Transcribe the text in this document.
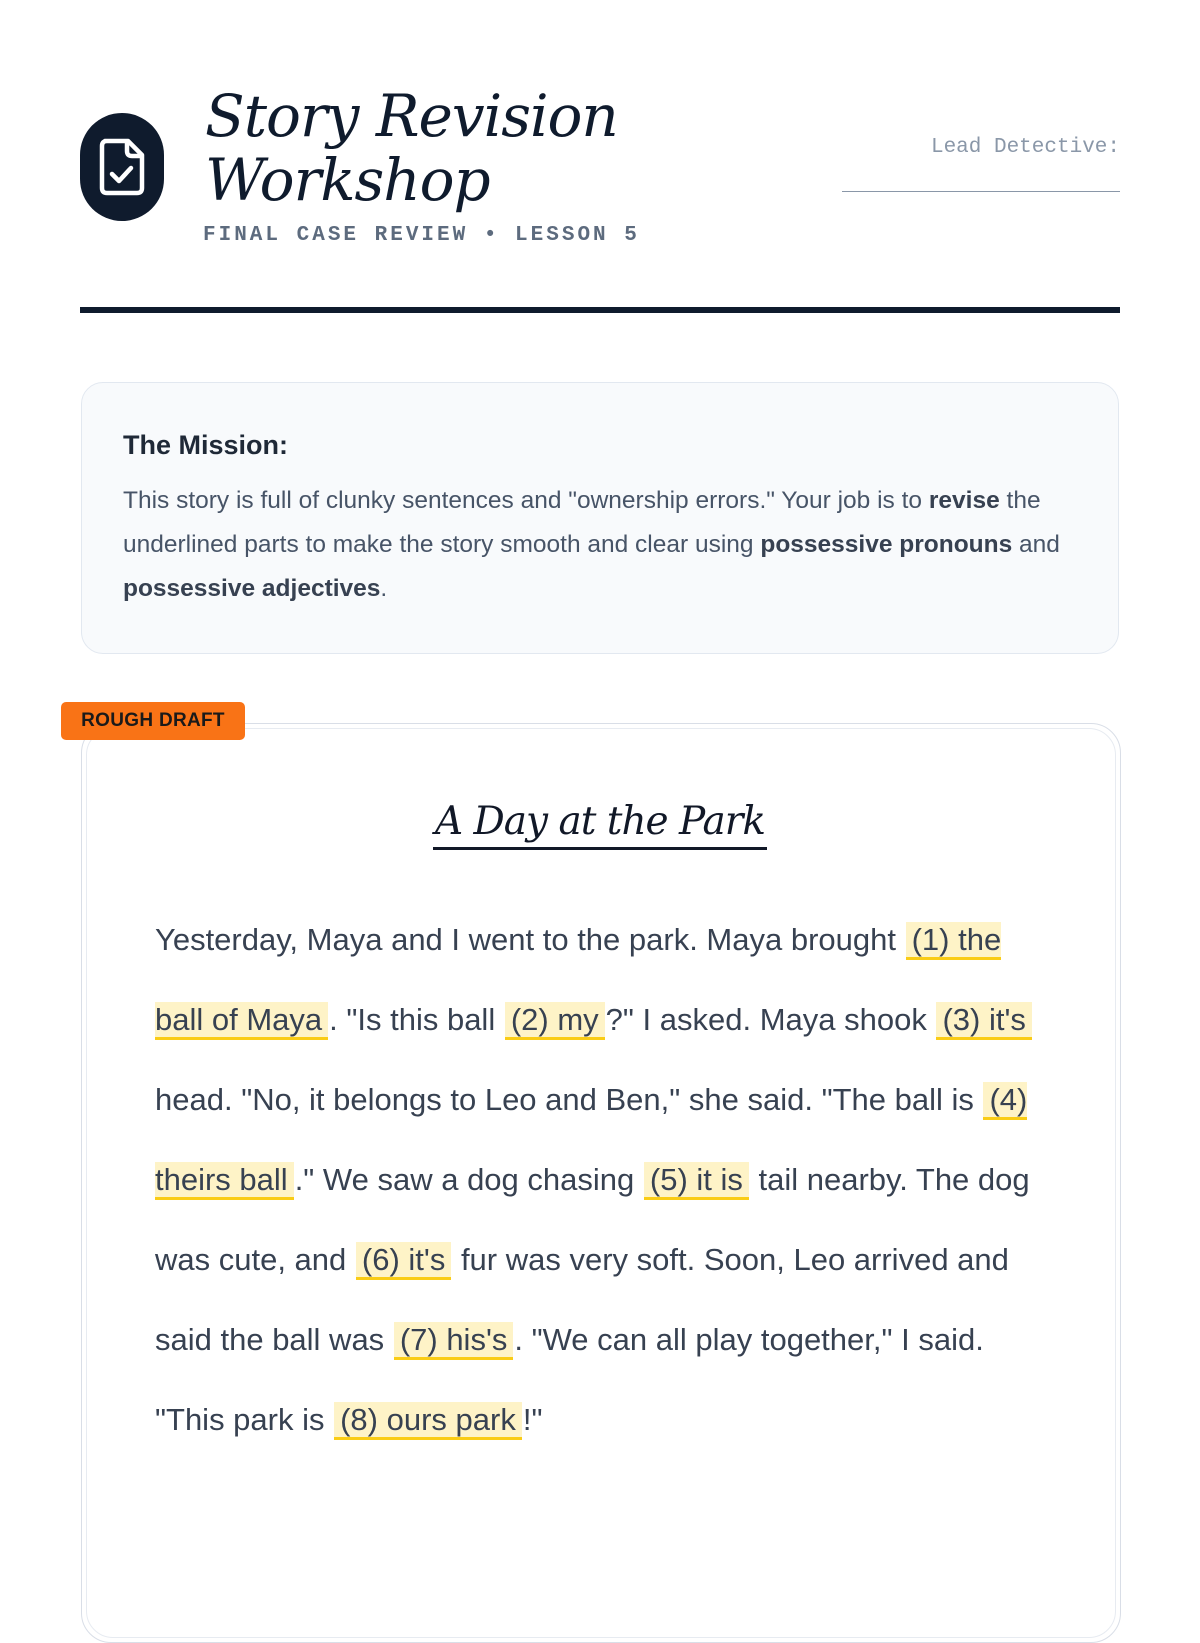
Story Revision
Workshop
FINAL CASE REVIEW • LESSON 5
Lead Detective:
The Mission:

This story is full of clunky sentences and "ownership errors." Your job is to revise the underlined parts to make the story smooth and clear using possessive pronouns and possessive adjectives.

ROUGH DRAFT
A Day at the Park

Yesterday, Maya and I went to the park. Maya brought (1) the ball of Maya . "Is this ball (2) my ?" I asked. Maya shook (3) it's head. "No, it belongs to Leo and Ben," she said. "The ball is (4) theirs ball ." We saw a dog chasing (5) it is tail nearby. The dog was cute, and (6) it's fur was very soft. Soon, Leo arrived and said the ball was (7) his's . "We can all play together," I said. "This park is (8) ours park !"
